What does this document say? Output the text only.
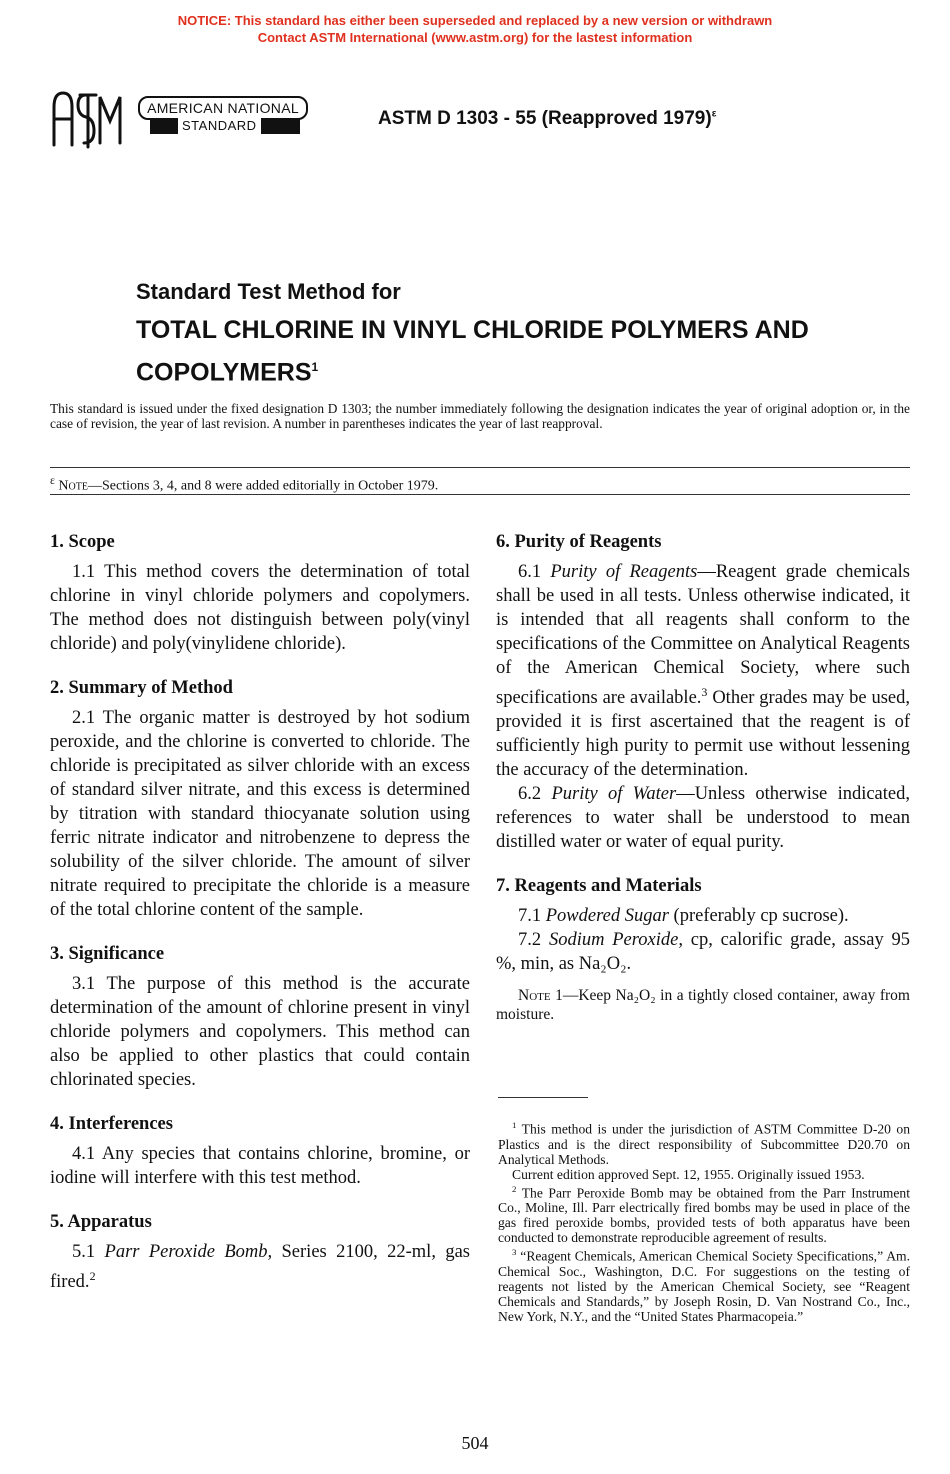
NOTICE: This standard has either been superseded and replaced by a new version or withdrawn
Contact ASTM International (www.astm.org) for the lastest information
AMERICAN NATIONAL
STANDARD	ASTM D 1303 - 55 (Reapproved 1979)$^\varepsilon$
Standard Test Method for
TOTAL CHLORINE IN VINYL CHLORIDE POLYMERS AND COPOLYMERS$^1$
This standard is issued under the fixed designation D 1303; the number immediately following the designation indicates the year of original adoption or, in the case of revision, the year of last revision. A number in parentheses indicates the year of last reapproval.
$^\varepsilon$ Note—Sections 3, 4, and 8 were added editorially in October 1979.
1. Scope

1.1 This method covers the determination of total chlorine in vinyl chloride polymers and copolymers. The method does not distinguish between poly(vinyl chloride) and poly(vinylidene chloride).

2. Summary of Method

2.1 The organic matter is destroyed by hot sodium peroxide, and the chlorine is converted to chloride. The chloride is precipitated as silver chloride with an excess of standard silver nitrate, and this excess is determined by titration with standard thiocyanate solution using ferric nitrate indicator and nitrobenzene to depress the solubility of the silver chloride. The amount of silver nitrate required to precipitate the chloride is a measure of the total chlorine content of the sample.

3. Significance

3.1 The purpose of this method is the accurate determination of the amount of chlorine present in vinyl chloride polymers and copolymers. This method can also be applied to other plastics that could contain chlorinated species.

4. Interferences

4.1 Any species that contains chlorine, bromine, or iodine will interfere with this test method.

5. Apparatus

5.1 Parr Peroxide Bomb, Series 2100, 22-ml, gas fired.$^2$

6. Purity of Reagents

6.1 Purity of Reagents—Reagent grade chemicals shall be used in all tests. Unless otherwise indicated, it is intended that all reagents shall conform to the specifications of the Committee on Analytical Reagents of the American Chemical Society, where such specifications are available.$^3$ Other grades may be used, provided it is first ascertained that the reagent is of sufficiently high purity to permit use without lessening the accuracy of the determination.

6.2 Purity of Water—Unless otherwise indicated, references to water shall be understood to mean distilled water or water of equal purity.

7. Reagents and Materials

7.1 Powdered Sugar (preferably cp sucrose).

7.2 Sodium Peroxide, cp, calorific grade, assay 95 %, min, as Na₂O₂.

Note 1—Keep Na₂O₂ in a tightly closed container, away from moisture.

$^1$ This method is under the jurisdiction of ASTM Committee D-20 on Plastics and is the direct responsibility of Subcommittee D20.70 on Analytical Methods.

Current edition approved Sept. 12, 1955. Originally issued 1953.

$^2$ The Parr Peroxide Bomb may be obtained from the Parr Instrument Co., Moline, Ill. Parr electrically fired bombs may be used in place of the gas fired peroxide bombs, provided tests of both apparatus have been conducted to demonstrate reproducible agreement of results.

$^3$ “Reagent Chemicals, American Chemical Society Specifications,” Am. Chemical Soc., Washington, D.C. For suggestions on the testing of reagents not listed by the American Chemical Society, see “Reagent Chemicals and Standards,” by Joseph Rosin, D. Van Nostrand Co., Inc., New York, N.Y., and the “United States Pharmacopeia.”

504
